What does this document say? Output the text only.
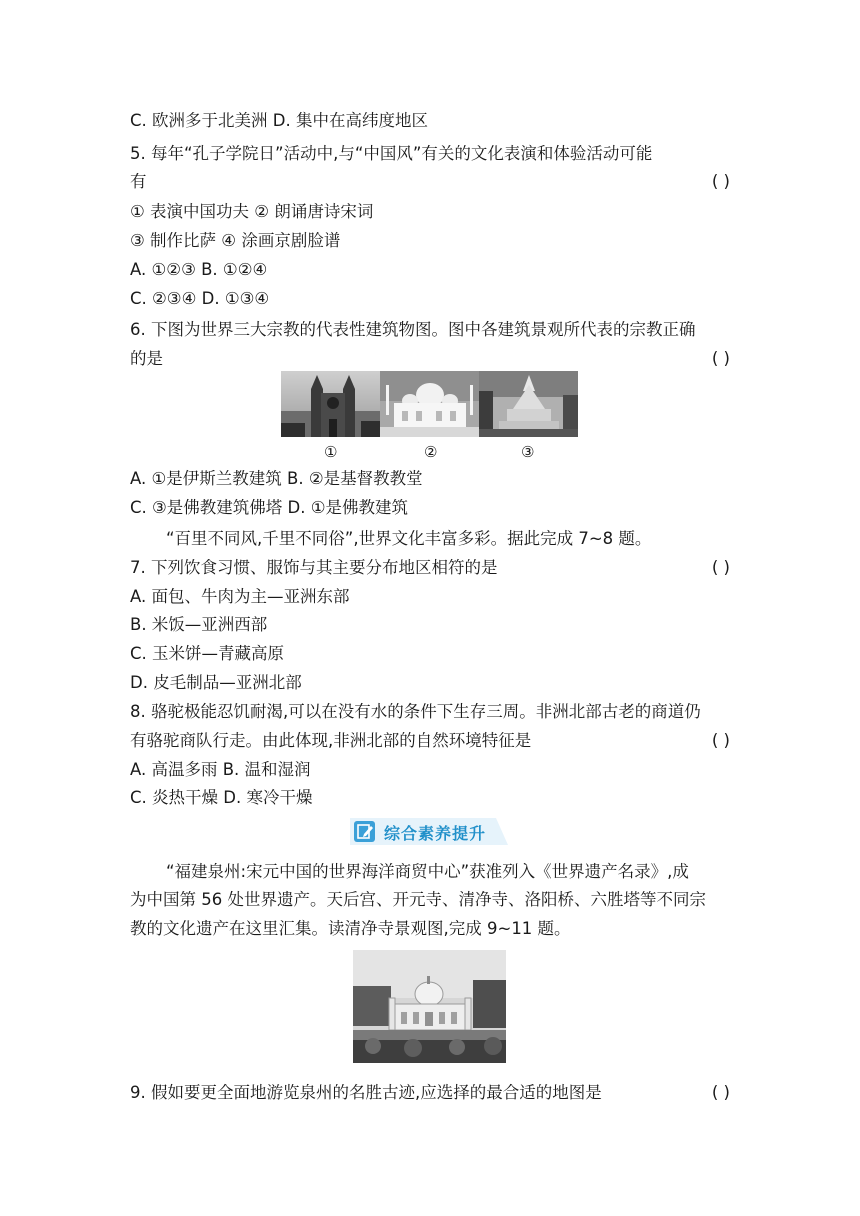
C. 欧洲多于北美洲 D. 集中在高纬度地区
5. 每年“孔子学院日”活动中,与“中国风”有关的文化表演和体验活动可能
有	( )
① 表演中国功夫 ② 朗诵唐诗宋词
③ 制作比萨 ④ 涂画京剧脸谱
A. ①②③ B. ①②④
C. ②③④ D. ①③④
6. 下图为世界三大宗教的代表性建筑物图。图中各建筑景观所代表的宗教正确
的是	( )
①	②	③
A. ①是伊斯兰教建筑 B. ②是基督教教堂
C. ③是佛教建筑佛塔 D. ①是佛教建筑
“百里不同风,千里不同俗”,世界文化丰富多彩。据此完成 7~8 题。
7. 下列饮食习惯、服饰与其主要分布地区相符的是	( )
A. 面包、牛肉为主—亚洲东部
B. 米饭—亚洲西部
C. 玉米饼—青藏高原
D. 皮毛制品—亚洲北部
8. 骆驼极能忍饥耐渴,可以在没有水的条件下生存三周。非洲北部古老的商道仍
有骆驼商队行走。由此体现,非洲北部的自然环境特征是	( )
A. 高温多雨 B. 温和湿润
C. 炎热干燥 D. 寒冷干燥
综合素养提升
“福建泉州:宋元中国的世界海洋商贸中心”获准列入《世界遗产名录》,成
为中国第 56 处世界遗产。天后宫、开元寺、清净寺、洛阳桥、六胜塔等不同宗
教的文化遗产在这里汇集。读清净寺景观图,完成 9~11 题。
9. 假如要更全面地游览泉州的名胜古迹,应选择的最合适的地图是	( )
